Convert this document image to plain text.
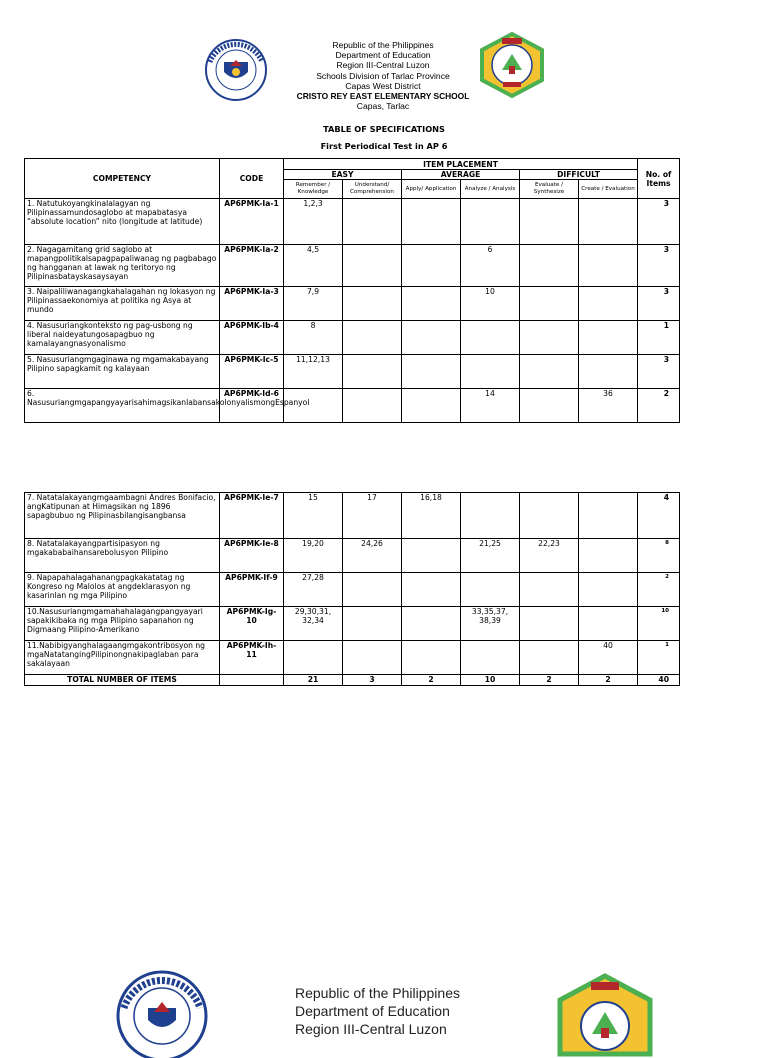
Republic of the Philippines
Department of Education
Region III-Central Luzon
Schools Division of Tarlac Province
Capas West District
CRISTO REY EAST ELEMENTARY SCHOOL
Capas, Tarlac
TABLE OF SPECIFICATIONS
First Periodical Test in AP 6
COMPETENCY	CODE	ITEM PLACEMENT						No. of Items
		EASY		AVERAGE		DIFFICULT		
		Remember / Knowledge	Understand/ Comprehension	Apply/ Application	Analyze / Analysis	Evaluate / Synthesize	Create / Evaluation	
1. Natutukoyangkinalalagyan ng Pilipinassamundosaglobo at mapabatasya “absolute location” nito (longitude at latitude)	AP6PMK-Ia-1	1,2,3						3
2. Nagagamitang grid saglobo at mapangpolitikalsapagpapaliwanag ng pagbabago ng hangganan at lawak ng teritoryo ng Pilipinasbatayskasaysayan	AP6PMK-Ia-2	4,5			6			3
3. Naipaliliwanagangkahalagahan ng lokasyon ng Pilipinassaekonomiya at politika ng Asya at mundo	AP6PMK-Ia-3	7,9			10			3
4. Nasusuriangkonteksto ng pag-usbong ng liberal naideyatungosapagbuo ng kamalayangnasyonalismo	AP6PMK-Ib-4	8						1
5. Nasusuriangmgaginawa ng mgamakabayang Pilipino sapagkamit ng kalayaan	AP6PMK-Ic-5	11,12,13						3
6. NasusuriangmgapangyayarisahimagsikanlabansakolonyalismongEspanyol	AP6PMK-Id-6				14		36	2
7. Natatalakayangmgaambagni Andres Bonifacio, angKatipunan at Himagsikan ng 1896 sapagbubuo ng Pilipinasbilangisangbansa	AP6PMK-Ie-7	15	17	16,18				4
8. Natatalakayangpartisipasyon ng mgakababaihansarebolusyon Pilipino	AP6PMK-Ie-8	19,20	24,26		21,25	22,23		8
9. Napapahalagahanangpagkakatatag ng Kongreso ng Malolos at angdeklarasyon ng kasarinlan ng mga Pilipino	AP6PMK-If-9	27,28						2
10.Nasusuriangmgamahahalagangpangyayari sapakikibaka ng mga Pilipino sapanahon ng Digmaang Pilipino-Amerikano	AP6PMK-Ig-10	29,30,31, 32,34			33,35,37, 38,39			10
11.Nabibigyanghalagaangmgakontribosyon ng mgaNatatangingPilipinongnakipaglaban para sakalayaan	AP6PMK-Ih-11						40	1
TOTAL NUMBER OF ITEMS		21	3	2	10	2	2	40
Republic of the Philippines
Department of Education
Region III-Central Luzon
